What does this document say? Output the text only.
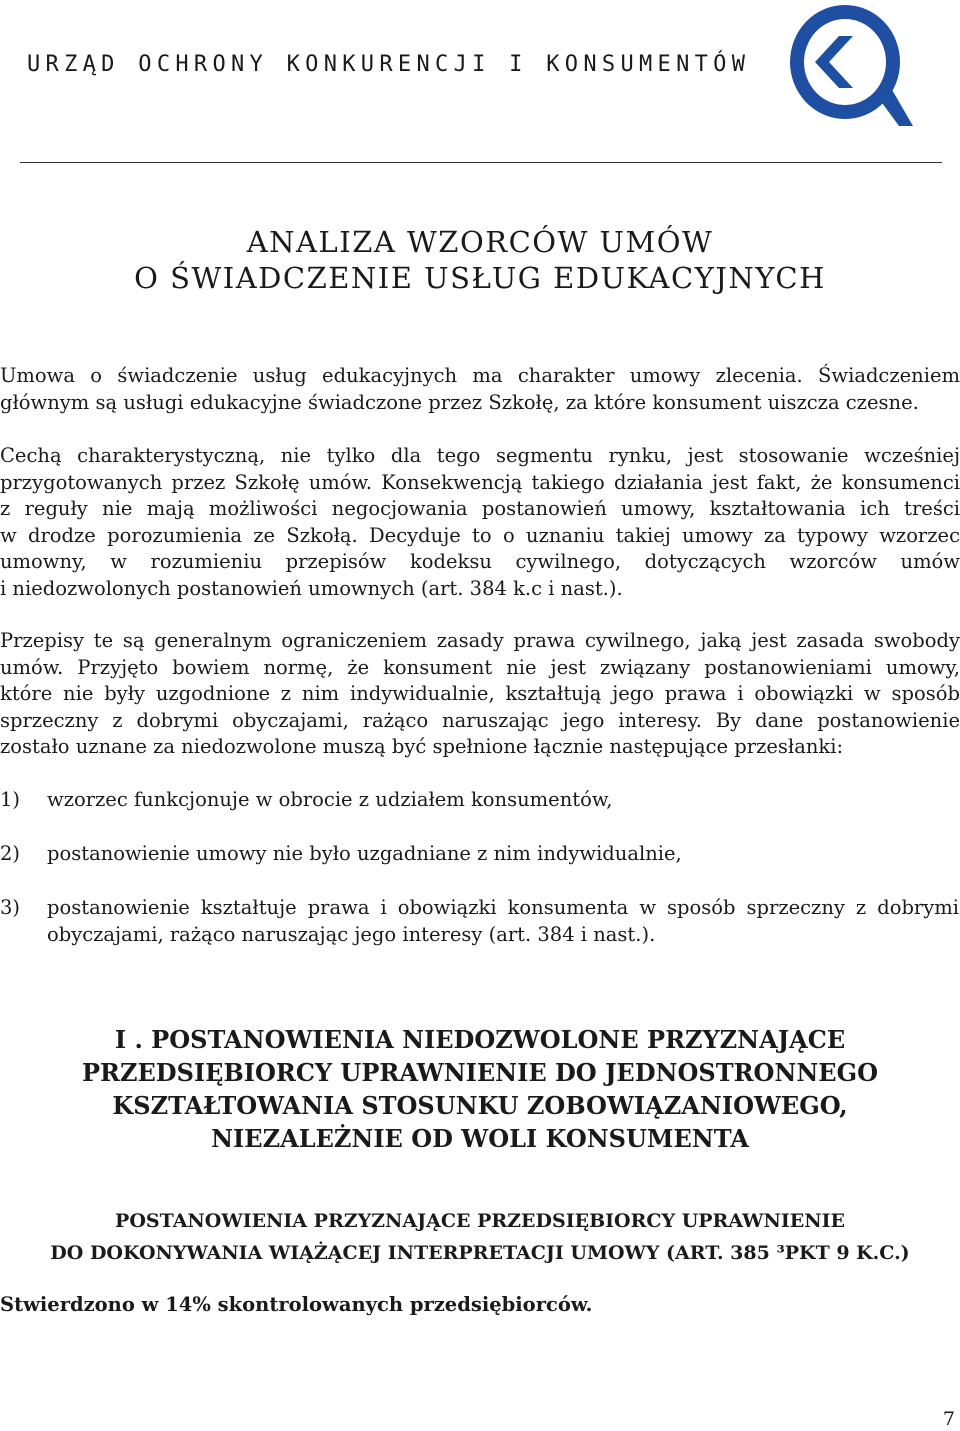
URZĄD OCHRONY KONKURENCJI I KONSUMENTÓW
ANALIZA WZORCÓW UMÓW
O ŚWIADCZENIE USŁUG EDUKACYJNYCH
Umowa o świadczenie usług edukacyjnych ma charakter umowy zlecenia. Świadczeniem
głównym są usługi edukacyjne świadczone przez Szkołę, za które konsument uiszcza czesne.
Cechą charakterystyczną, nie tylko dla tego segmentu rynku, jest stosowanie wcześniej
przygotowanych przez Szkołę umów. Konsekwencją takiego działania jest fakt, że konsumenci
z reguły nie mają możliwości negocjowania postanowień umowy, kształtowania ich treści
w drodze porozumienia ze Szkołą. Decyduje to o uznaniu takiej umowy za typowy wzorzec
umowny, w rozumieniu przepisów kodeksu cywilnego, dotyczących wzorców umów
i niedozwolonych postanowień umownych (art. 384 k.c i nast.).
Przepisy te są generalnym ograniczeniem zasady prawa cywilnego, jaką jest zasada swobody
umów. Przyjęto bowiem normę, że konsument nie jest związany postanowieniami umowy,
które nie były uzgodnione z nim indywidualnie, kształtują jego prawa i obowiązki w sposób
sprzeczny z dobrymi obyczajami, rażąco naruszając jego interesy. By dane postanowienie
zostało uznane za niedozwolone muszą być spełnione łącznie następujące przesłanki:
1) wzorzec funkcjonuje w obrocie z udziałem konsumentów,
2) postanowienie umowy nie było uzgadniane z nim indywidualnie,
3) postanowienie kształtuje prawa i obowiązki konsumenta w sposób sprzeczny z dobrymi
obyczajami, rażąco naruszając jego interesy (art. 384 i nast.).
I . POSTANOWIENIA NIEDOZWOLONE PRZYZNAJĄCE
PRZEDSIĘBIORCY UPRAWNIENIE DO JEDNOSTRONNEGO
KSZTAŁTOWANIA STOSUNKU ZOBOWIĄZANIOWEGO,
NIEZALEŻNIE OD WOLI KONSUMENTA
POSTANOWIENIA PRZYZNAJĄCE PRZEDSIĘBIORCY UPRAWNIENIE
DO DOKONYWANIA WIĄŻĄCEJ INTERPRETACJI UMOWY (ART. 385 ³PKT 9 K.C.)
Stwierdzono w 14% skontrolowanych przedsiębiorców.
7
